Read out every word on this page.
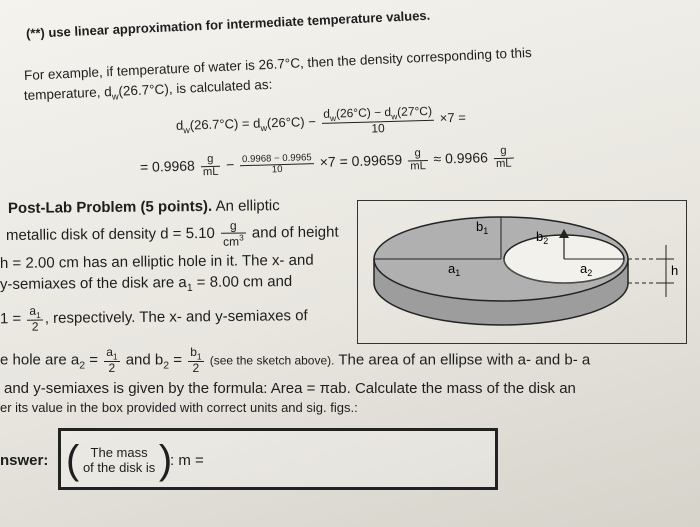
(**) use linear approximation for intermediate temperature values.
For example, if temperature of water is 26.7°C, then the density corresponding to this
temperature, $d_w(26.7^\circ C)$, is calculated as:
$d_w(26.7^\circ C) = d_w(26^\circ C) - \frac{d_w(26^\circ C) - d_w(27^\circ C)}{10} \times 7$ =
= $0.9968 \frac{g}{mL} - \frac{0.9968 - 0.9965}{10} \times 7 = 0.99659 \frac{g}{mL} \approx 0.9966 \frac{g}{mL}$
Post-Lab Problem (5 points). An elliptic
metallic disk of density $d = 5.10 \frac{g}{cm^3}$ and of height
h = 2.00 cm has an elliptic hole in it. The x- and
y-semiaxes of the disk are $a_1 = 8.00$ cm and
$1 = \frac{a_1}{2}$ , respectively. The x- and y-semiaxes of
e hole are $a_2 = \frac{a_1}{2}$ and $b_2 = \frac{b_1}{2} (see$ the sketch above). The area of an ellipse with a- and b- a
and y-semiaxes is given by the formula: Area = πab. Calculate the mass of the disk an
er its value in the box provided with correct units and sig. figs.:
$b_1$	$b_2$
$a_1$	$a_2$	h
nswer: ( The mass
of the disk is )
: m =
